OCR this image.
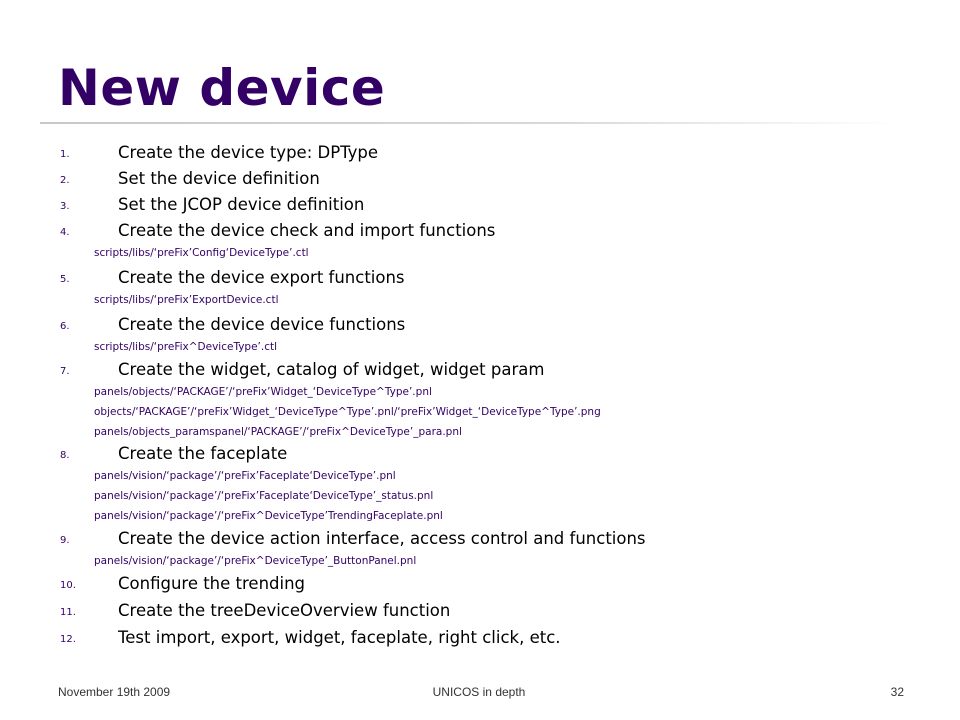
New device
1.	Create the device type: DPType
2.	Set the device definition
3.	Set the JCOP device definition
4.	Create the device check and import functions
scripts/libs/‘preFix’Config‘DeviceType’.ctl
5.	Create the device export functions
scripts/libs/‘preFix’ExportDevice.ctl
6.	Create the device device functions
scripts/libs/‘preFix^DeviceType’.ctl
7.	Create the widget, catalog of widget, widget param
panels/objects/‘PACKAGE’/‘preFix’Widget_‘DeviceType^Type’.pnl
objects/‘PACKAGE’/‘preFix’Widget_‘DeviceType^Type’.pnl/‘preFix’Widget_‘DeviceType^Type’.png
panels/objects_paramspanel/‘PACKAGE’/‘preFix^DeviceType’_para.pnl
8.	Create the faceplate
panels/vision/‘package’/‘preFix’Faceplate‘DeviceType’.pnl
panels/vision/‘package’/‘preFix’Faceplate‘DeviceType’_status.pnl
panels/vision/‘package’/‘preFix^DeviceType’TrendingFaceplate.pnl
9.	Create the device action interface, access control and functions
panels/vision/‘package’/‘preFix^DeviceType’_ButtonPanel.pnl
10.	Configure the trending
11.	Create the treeDeviceOverview function
12.	Test import, export, widget, faceplate, right click, etc.
November 19th 2009	UNICOS in depth	32
